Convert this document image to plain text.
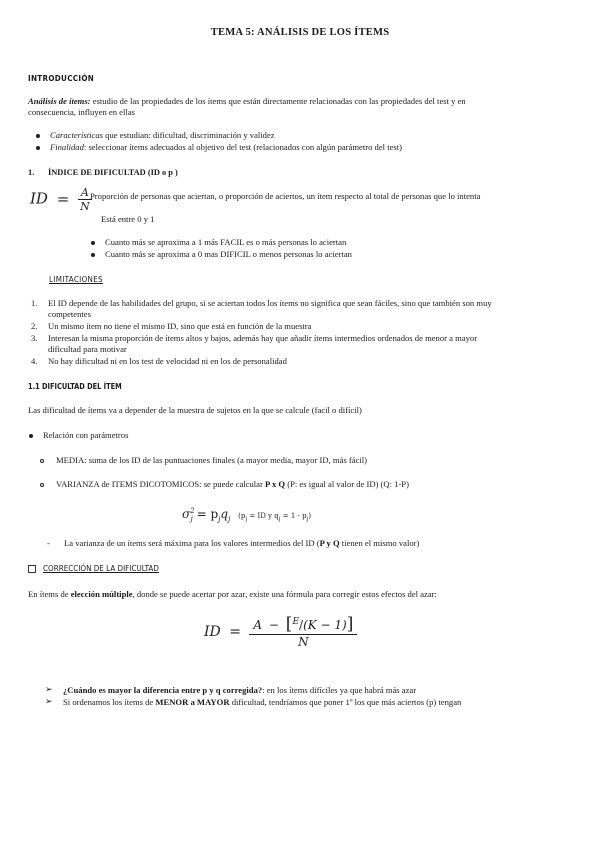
TEMA 5: ANÁLISIS DE LOS ÍTEMS
INTRODUCCIÓN
Análisis de ítems: estudio de las propiedades de los ítems que están directamente relacionadas con las propiedades del test y en
consecuencia, influyen en ellas
Características que estudian: dificultad, discriminación y validez
Finalidad: seleccionar ítems adecuados al objetivo del test (relacionados con algún parámetro del test)
1. ÍNDICE DE DIFICULTAD (ID o p )
ID = $\frac{A}{N}$
Proporción de personas que aciertan, o proporción de aciertos, un ítem respecto al total de personas que lo intenta
Está entre 0 y 1
Cuanto más se aproxima a 1 más FACIL es o más personas lo aciertan
Cuanto más se aproxima a 0 mas DIFICIL o menos personas lo aciertan
LIMITACIONES
1. El ID depende de las habilidades del grupo, si se aciertan todos los ítems no significa que sean fáciles, sino que también son muy
competentes
2. Un mismo ítem no tiene el mismo ID, sino que está en función de la muestra
3. Interesan la misma proporción de ítems altos y bajos, además hay que añadir ítems intermedios ordenados de menor a mayor
dificultad para motivar
4. No hay dificultad ni en los test de velocidad ni en los de personalidad
1.1 DIFICULTAD DEL ÍTEM
Las dificultad de ítems va a depender de la muestra de sujetos en la que se calcule (facil o difícil)
Relación con parámetros
MEDIA: suma de los ID de las puntuaciones finales (a mayor media, mayor ID, más fácil)
VARIANZA de ITEMS DICOTOMICOS: se puede calcular P x Q (P: es igual al valor de ID) (Q: 1-P)
$\sigma^2_j = p_jq_j$ ($p_j$ = ID y $q_j = 1 - p_j$)
- La varianza de un ítems será máxima para los valores intermedios del ID (P y Q tienen el mismo valor)
CORRECCIÓN DE LA DIFICULTAD
En ítems de elección múltiple, donde se puede acertar por azar, existe una fórmula para corregir estos efectos del azar:
ID = $\frac{A - [^E/(K - 1)]}{N}$
➢ ¿Cuándo es mayor la diferencia entre p y q corregida?: en los ítems difíciles ya que habrá más azar
➢ Si ordenamos los ítems de MENOR a MAYOR dificultad, tendríamos que poner 1º los que más aciertos (p) tengan
